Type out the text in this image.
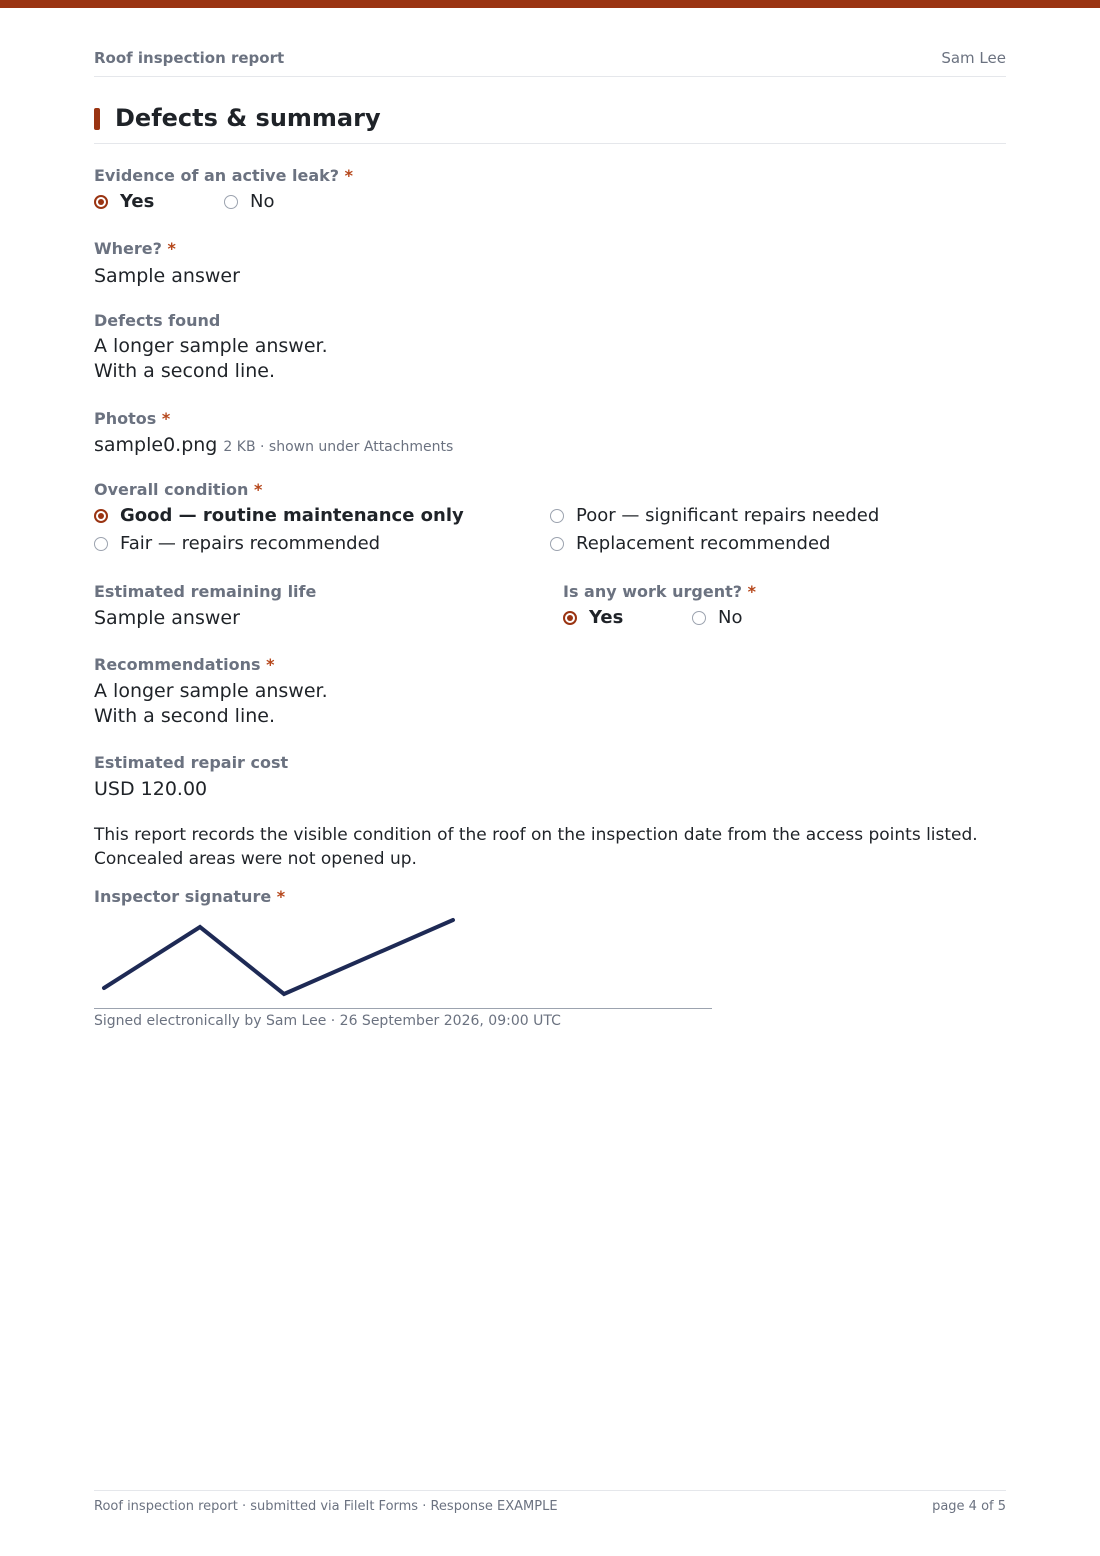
Roof inspection report	Sam Lee
Defects & summary
Evidence of an active leak? *
Yes	No
Where? *
Sample answer
Defects found
A longer sample answer.
With a second line.
Photos *
sample0.png 2 KB · shown under Attachments
Overall condition *
Good — routine maintenance only
Fair — repairs recommended
Poor — significant repairs needed
Replacement recommended
Estimated remaining life
Sample answer
Is any work urgent? *
Yes	No
Recommendations *
A longer sample answer.
With a second line.
Estimated repair cost
USD 120.00
This report records the visible condition of the roof on the inspection date from the access points listed. Concealed areas were not opened up.
Inspector signature *
Signed electronically by Sam Lee · 26 September 2026, 09:00 UTC
Roof inspection report · submitted via FileIt Forms · Response EXAMPLE	page 4 of 5
